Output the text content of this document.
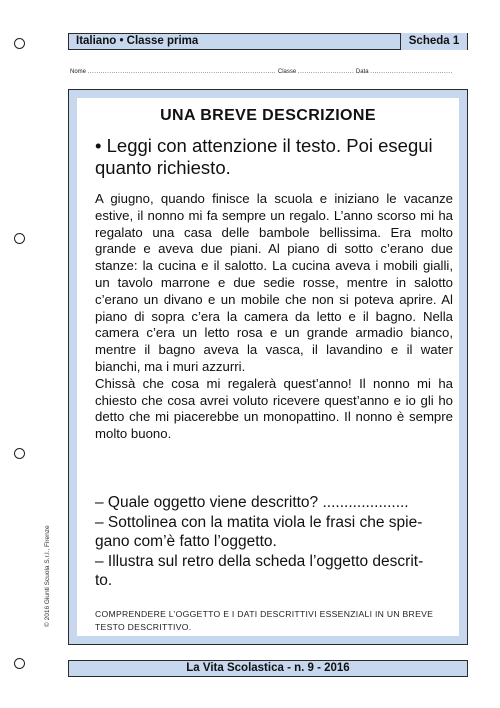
Italiano • Classe prima	Scheda 1
Nome ....................................................................................... Classe .......................... Data ......................................
© 2016 Giunti Scuola S.r.l., Firenze
UNA BREVE DESCRIZIONE
• Leggi con attenzione il testo. Poi esegui quanto richiesto.

A giugno, quando finisce la scuola e iniziano le vacanze estive, il nonno mi fa sempre un regalo. L’anno scorso mi ha regalato una casa delle bambole bellissima. Era molto grande e aveva due piani. Al piano di sotto c’erano due stanze: la cucina e il salotto. La cucina aveva i mobili gialli, un tavolo marrone e due sedie rosse, mentre in salotto c’erano un divano e un mobile che non si poteva aprire. Al piano di sopra c’era la camera da letto e il bagno. Nella camera c’era un letto rosa e un grande armadio bianco, mentre il bagno aveva la vasca, il lavandino e il water bianchi, ma i muri azzurri.

Chissà che cosa mi regalerà quest’anno! Il nonno mi ha chiesto che cosa avrei voluto ricevere quest’anno e io gli ho detto che mi piacerebbe un monopattino. Il nonno è sempre molto buono.

– Quale oggetto viene descritto? ....................
– Sottolinea con la matita viola le frasi che spie-
gano com’è fatto l’oggetto.
– Illustra sul retro della scheda l’oggetto descrit-
to.
COMPRENDERE L’OGGETTO E I DATI DESCRITTIVI ESSENZIALI IN UN BREVE TESTO DESCRITTIVO.
La Vita Scolastica - n. 9 - 2016
